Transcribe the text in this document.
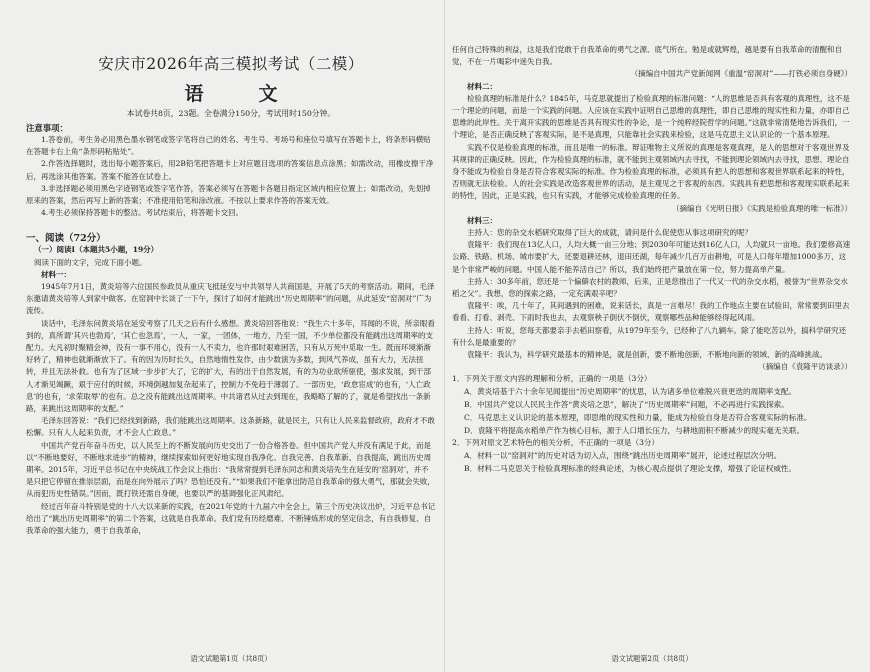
安庆市2026年高三模拟考试（二模）
语　文
本试卷共8页，23题。全卷满分150分，考试用时150分钟。
注意事项：

1.答卷前，考生务必用黑色墨水钢笔或签字笔将自己的姓名、考生号、考场号和座位号填写在答题卡上，将条形码横贴在答题卡右上角“条形码粘贴处”。

2.作答选择题时，选出每小题答案后，用2B铅笔把答题卡上对应题目选项的答案信息点涂黑；如需改动，用橡皮擦干净后，再选涂其他答案。答案不能答在试卷上。

3.非选择题必须用黑色字迹钢笔或签字笔作答，答案必须写在答题卡各题目指定区域内相应位置上；如需改动，先划掉原来的答案，然后再写上新的答案；不准使用铅笔和涂改液。不按以上要求作答的答案无效。

4.考生必须保持答题卡的整洁。考试结束后，将答题卡交回。

一、阅读（72分）
（一）阅读Ⅰ（本题共5小题，19分）
阅读下面的文字，完成下面小题。
材料一：

1945年7月1日，黄炎培等六位国民参政员从重庆飞抵延安与中共领导人共商国是，开展了5天的考察活动。期间，毛泽东邀请黄炎培等人到家中做客。在窑洞中长谈了一下午，探讨了如何才能跳出“历史周期率”的问题，从此延安“窑洞对”广为流传。

谈话中，毛泽东问黄炎培在延安考察了几天之后有什么感想。黄炎培回答他说：“我生六十多年，耳闻的不说，所亲眼看到的，真所谓‘其兴也勃焉’，‘其亡也忽焉’，一人，一家，一团体，一地方，乃至一国，不少单位都没有能跳出这周期率的支配力。大凡初时聚精会神，没有一事不用心，没有一人不卖力，也许那时艰难困苦，只有从万死中觅取一生。既而环境渐渐好转了，精神也就渐渐放下了。有的因为历时长久，自然地惰性发作，由少数演为多数，到风气养成，虽有大力，无法扭转，并且无法补救。也有为了区域一步步扩大了，它的扩大，有的出于自然发展，有的为功业欲所驱使，强求发展，到干部人才渐见竭蹶，艰于应付的时候，环境倒越加复杂起来了，控制力不免趋于薄弱了。一部历史，‘政怠宦成’的也有，‘人亡政息’的也有，‘求荣取辱’的也有。总之没有能跳出这周期率。中共诸君从过去到现在，我略略了解的了，就是希望找出一条新路，来跳出这周期率的支配。”

毛泽东回答说：“我们已经找到新路，我们能跳出这周期率。这条新路，就是民主，只有让人民来监督政府，政府才不敢松懈。只有人人起来负责，才不会人亡政息。”

中国共产党百年奋斗历史，以人民至上的不断发展向历史交出了一份合格答卷。但中国共产党人并没有满足于此，而是以“不断地要好，不断地求进步”的精神，继续探索如何更好地实现自我净化、自我完善、自我革新、自我提高，跳出历史周期率。2015年，习近平总书记在中央统战工作会议上指出：“我常常提到毛泽东同志和黄炎培先生在延安的‘窑洞对’，并不是只把它停留在推崇层面，而是在向外展示了吗？恐怕还没有。”“如果我们不能拿出防范自我革命的强大勇气，那就会失败，从而犯历史性错误。”因而，既打铁还需自身硬，也要以严的基调强化正风肃纪。

经过百年奋斗特别是党的十八大以来新的实践，在2021年党的十九届六中全会上，第三个历史决议出炉，习近平总书记给出了“跳出历史周期率”的第二个答案，这就是自我革命。我们党有历经磨难、不断锤炼形成的坚定信念，有自我修复、自我革命的强大能力，勇于自我革命，

语文试题第1页（共8页）
任何自己特殊的利益，这是我们党敢于自我革命的勇气之源、底气所在。勉是或就辉煌，越是要有自我革命的清醒和自觉，不在一片喝彩中迷失自我。
（摘编自中国共产党新闻网《重温“窑洞对”——打铁必须自身硬》）
材料二：

检验真理的标准是什么？1845年，马克思就提出了检验真理的标准问题：“人的思维是否具有客观的真理性，这不是一个理论的问题，而是一个实践的问题。人应该在实践中证明自己思维的真理性，即自己思维的现实性和力量，亦即自己思维的此岸性。关于离开实践的思维是否具有现实性的争论，是一个纯粹经院哲学的问题。”这就非常清楚地告诉我们，一个理论，是否正确反映了客观实际，是不是真理，只能靠社会实践来检验，这是马克思主义认识论的一个基本原理。

实践不仅是检验真理的标准，而且是唯一的标准。辩证唯物主义所说的真理是客观真理，是人的思想对于客观世界及其规律的正确反映。因此，作为检验真理的标准，就不能到主观领域内去寻找，不能到理论领域内去寻找，思想、理论自身不能成为检验自身是否符合客观实际的标准。作为检验真理的标准，必须具有把人的思想和客观世界联系起来的特性，否则就无法检验。人的社会实践是改造客观世界的活动，是主观见之于客观的东西。实践具有把思想和客观现实联系起来的特性，因此，正是实践，也只有实践，才能够完成检验真理的任务。

（摘编自《光明日报》《实践是检验真理的唯一标准》）
材料三：

主持人：您的杂交水稻研究取得了巨大的成就，请问是什么促使您从事这项研究的呢？

袁隆平：我们现在13亿人口，人均大概一亩三分地；到2030年可能达到16亿人口，人均就只一亩地。我们要修高速公路、铁路、机场、城市要扩大，还要退耕还林，退田还湖，每年减少几百万亩耕地，可是人口每年增加1000多万，这是个非常严峻的问题。中国人能不能养活自己？所以，我们始终把产量放在第一位，努力提高单产量。

主持人：30多年前，您还是一个偏僻农村的教师，后来，正是您推出了一代又一代的杂交水稻，被誉为“世界杂交水稻之父”。我想，您的探索之路，一定充满艰辛吧？

袁隆平：唉，几十年了，其间遇到的困难，说来话长，真是一言难尽！我的工作地点主要在试验田，常常要到田里去看看、打看、剥壳、下雨时我也去，去观察秧子倒伏不倒伏，观察哪些品种能够经得起风雨。

主持人：听说，您每天都要亲手去稻田察看，从1979年至今，已经种了八九辆车。除了能吃苦以外，搞科学研究还有什么是最重要的？

袁隆平：我认为，科学研究最基本的精神是，就是创新，要不断地创新，不断地向新的领域、新的高峰挑战。

（摘编自《袁隆平访谈录》）

1．下列关于原文内容的理解和分析，正确的一项是（3分）

A．黄炎培基于六十余年见闻提出“历史周期率”的忧思，认为诸多单位难脱兴衰更迭的周期率支配。

B．中国共产党以人民民主作答“黄炎培之思”，解决了“历史周期率”问题，不必再进行实践探索。

C．马克思主义认识论的基本原理，即思维的现实性和力量，能成为检验自身是否符合客观实际的标准。

D．袁隆平将提高水稻单产作为核心目标，源于人口增长压力，与耕地面积不断减少的现实毫无关联。

2．下列对原文艺术特色的相关分析，不正确的一项是（3分）

A．材料一以“窑洞对”的历史对话为切入点，围绕“跳出历史周期率”展开，论述过程层次分明。

B．材料二马克思关于检验真理标准的经典论述，为核心观点提供了理论支撑，增强了论证权威性。

语文试题第2页（共8页）
